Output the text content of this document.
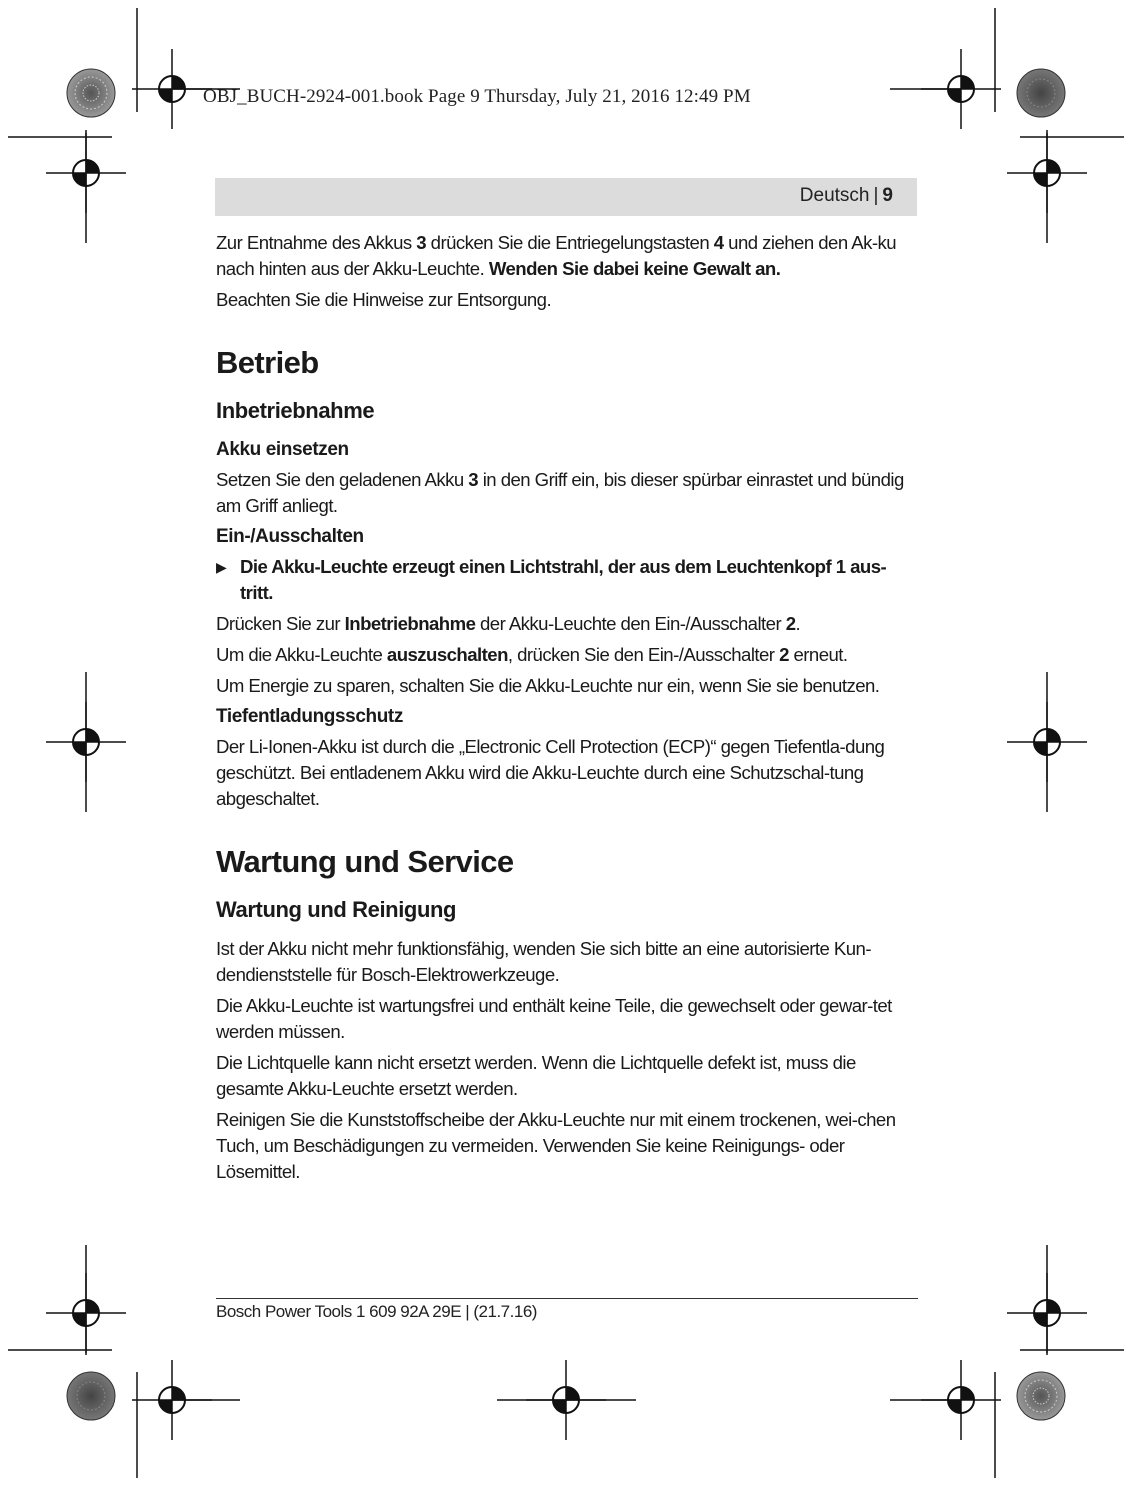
OBJ_BUCH-2924-001.book Page 9 Thursday, July 21, 2016 12:49 PM
Deutsch | 9

Zur Entnahme des Akkus 3 drücken Sie die Entriegelungstasten 4 und ziehen den Ak-ku nach hinten aus der Akku-Leuchte. Wenden Sie dabei keine Gewalt an.

Beachten Sie die Hinweise zur Entsorgung.

Betrieb
Inbetriebnahme
Akku einsetzen

Setzen Sie den geladenen Akku 3 in den Griff ein, bis dieser spürbar einrastet und bündig am Griff anliegt.

Ein-/Ausschalten
▶ Die Akku-Leuchte erzeugt einen Lichtstrahl, der aus dem Leuchtenkopf 1 aus-tritt.

Drücken Sie zur Inbetriebnahme der Akku-Leuchte den Ein-/Ausschalter 2.

Um die Akku-Leuchte auszuschalten, drücken Sie den Ein-/Ausschalter 2 erneut.

Um Energie zu sparen, schalten Sie die Akku-Leuchte nur ein, wenn Sie sie benutzen.

Tiefentladungsschutz

Der Li-Ionen-Akku ist durch die „Electronic Cell Protection (ECP)“ gegen Tiefentla-dung geschützt. Bei entladenem Akku wird die Akku-Leuchte durch eine Schutzschal-tung abgeschaltet.

Wartung und Service
Wartung und Reinigung

Ist der Akku nicht mehr funktionsfähig, wenden Sie sich bitte an eine autorisierte Kun-dendienststelle für Bosch-Elektrowerkzeuge.

Die Akku-Leuchte ist wartungsfrei und enthält keine Teile, die gewechselt oder gewar-tet werden müssen.

Die Lichtquelle kann nicht ersetzt werden. Wenn die Lichtquelle defekt ist, muss die gesamte Akku-Leuchte ersetzt werden.

Reinigen Sie die Kunststoffscheibe der Akku-Leuchte nur mit einem trockenen, wei-chen Tuch, um Beschädigungen zu vermeiden. Verwenden Sie keine Reinigungs- oder Lösemittel.

Bosch Power Tools 1 609 92A 29E | (21.7.16)
